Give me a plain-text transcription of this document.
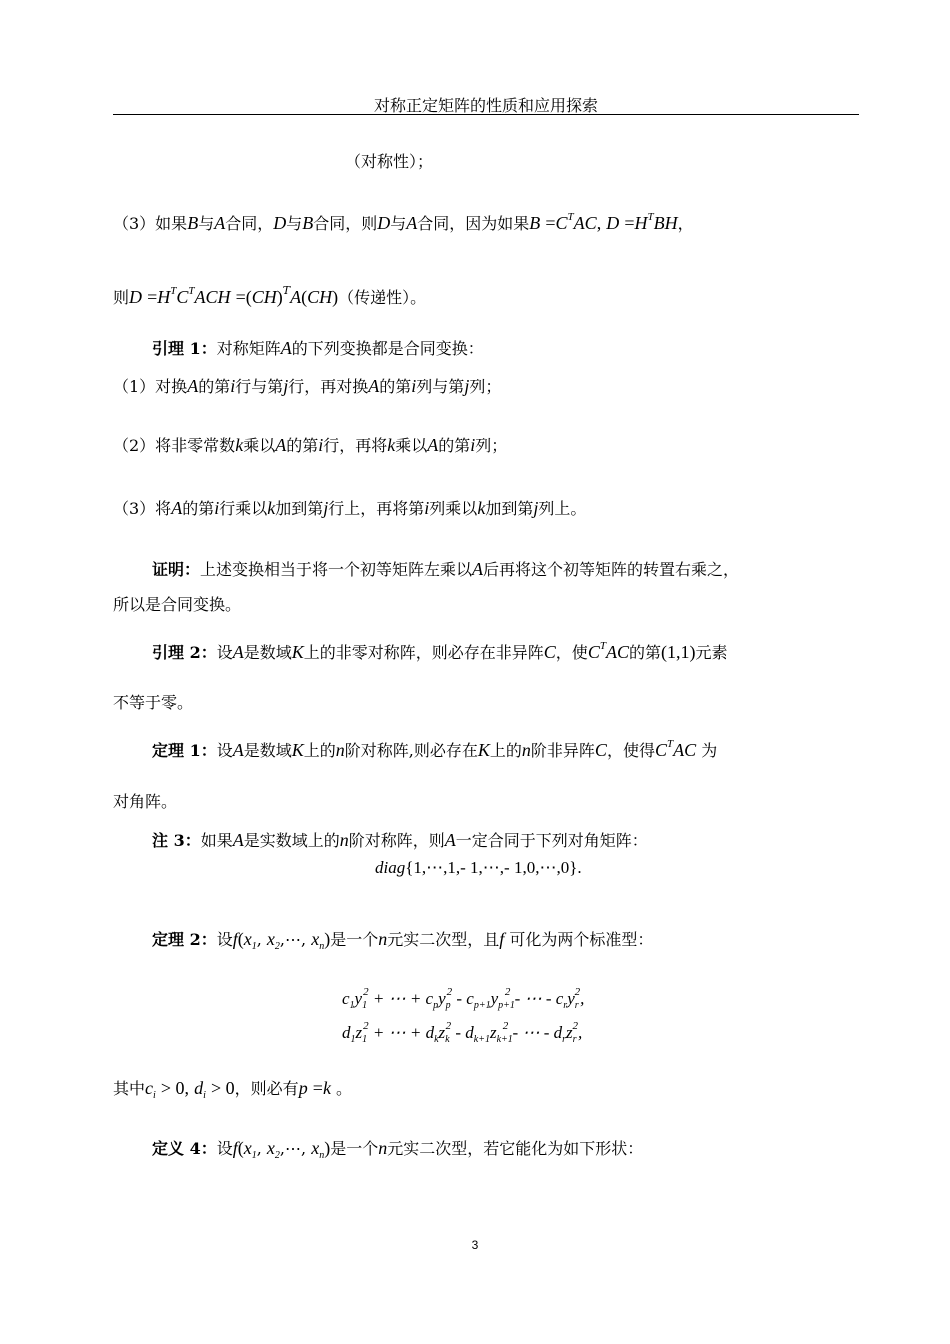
对称正定矩阵的性质和应用探索
（对称性）；
（3）如果B与A合同，D与B合同，则D与A合同，因为如果$B =C^TAC$, $D =H^TBH$，
则$D =H^TC^TACH =(CH)^TA(CH)$（传递性）。
引理 1：对称矩阵A的下列变换都是合同变换：
（1）对换A的第i行与第j行，再对换A的第i列与第j列；
（2）将非零常数k乘以A的第i行，再将k乘以A的第i列；
（3）将A的第i行乘以k加到第j行上，再将第i列乘以k加到第j列上。
证明：上述变换相当于将一个初等矩阵左乘以A后再将这个初等矩阵的转置右乘之，
所以是合同变换。
引理 2：设A是数域K上的非零对称阵，则必存在非异阵C，使$C^TAC$的第(1,1)元素
不等于零。
定理 1：设A是数域K上的n阶对称阵,则必存在K上的n阶非异阵C，使得$C^TAC$ 为
对角阵。
注 3：如果A是实数域上的n阶对称阵，则A一定合同于下列对角矩阵：
diag{1,⋯,1,- 1,⋯,- 1,0,⋯,0}.
定理 2：设$f(x_1$, $x_2,\cdots$, $x_n$)是一个n元实二次型，且f 可化为两个标准型：
$c_1y_1^2$ + ⋯ + $c_py_p^2 - c_{p+1}y_{p+1}^2$ - ⋯ - $c_ry_r^2$,
$d_1z_1^2$ + ⋯ + $d_kz_k^2 - d_{k+1}z_{k+1}^2$ - ⋯ - $d_rz_r^2$,
其中$c_i > 0$, $d_i > 0$，则必有p =k 。
定义 4：设$f(x_1$, $x_2,\cdots$, $x_n$)是一个n元实二次型，若它能化为如下形状：
3
